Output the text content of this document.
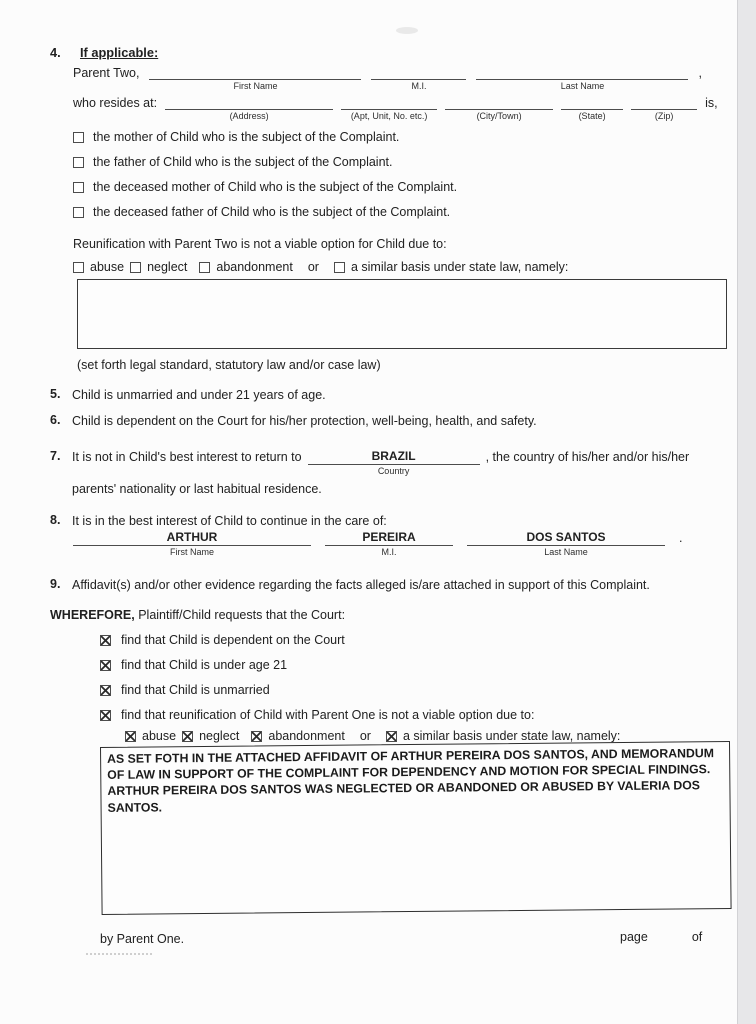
4.	If applicable:
Parent Two,
First Name	M.I.	Last Name
,
who resides at:
(Address)	(Apt, Unit, No. etc.)	(City/Town)	(State)	(Zip)
is,
the mother of Child who is the subject of the Complaint.
the father of Child who is the subject of the Complaint.
the deceased mother of Child who is the subject of the Complaint.
the deceased father of Child who is the subject of the Complaint.
Reunification with Parent Two is not a viable option for Child due to:
abuse neglect abandonment or	a similar basis under state law, namely:
(set forth legal standard, statutory law and/or case law)
5. Child is unmarried and under 21 years of age.
6. Child is dependent on the Court for his/her protection, well-being, health, and safety.
7. It is not in Child's best interest to return to	BRAZIL
Country
, the country of his/her and/or his/her
parents' nationality or last habitual residence.
8. It is in the best interest of Child to continue in the care of:
ARTHUR
First Name
PEREIRA
M.I.
DOS SANTOS
Last Name
.
9. Affidavit(s) and/or other evidence regarding the facts alleged is/are attached in support of this Complaint.
WHEREFORE, Plaintiff/Child requests that the Court:
find that Child is dependent on the Court
find that Child is under age 21
find that Child is unmarried
find that reunification of Child with Parent One is not a viable option due to:
abuse neglect abandonment or	a similar basis under state law, namely:
AS SET FOTH IN THE ATTACHED AFFIDAVIT OF ARTHUR PEREIRA DOS SANTOS, AND MEMORANDUM OF LAW IN SUPPORT OF THE COMPLAINT FOR DEPENDENCY AND MOTION FOR SPECIAL FINDINGS. ARTHUR PEREIRA DOS SANTOS WAS NEGLECTED OR ABANDONED OR ABUSED BY VALERIA DOS SANTOS.
by Parent One.	page	of
